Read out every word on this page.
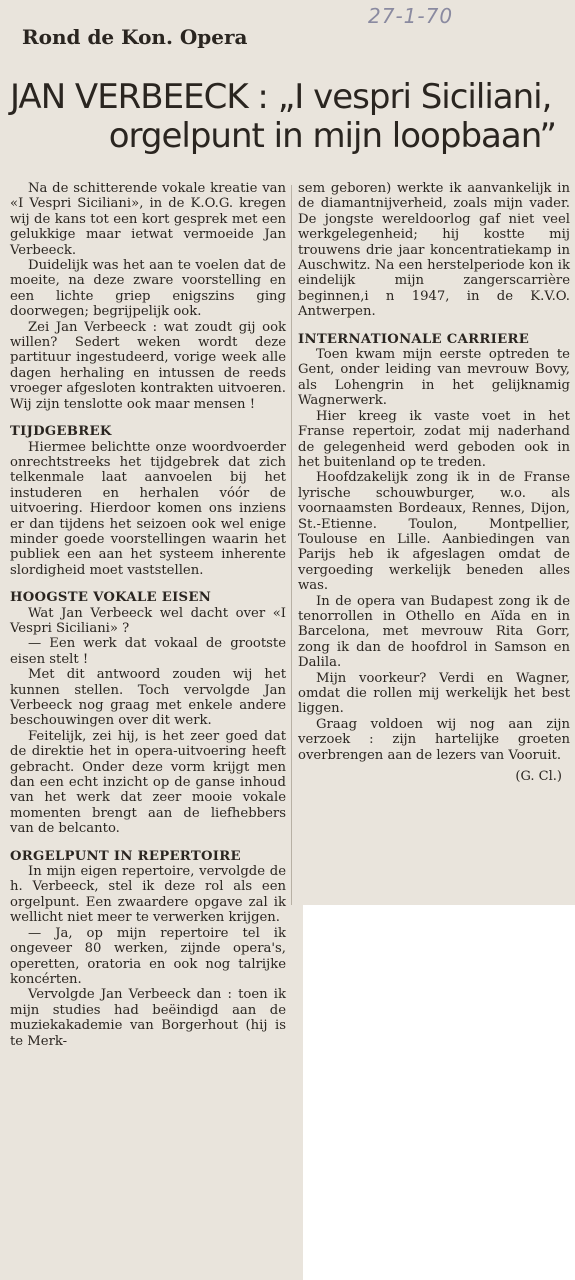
27-1-70
Rond de Kon. Opera
JAN VERBEECK : „I vespri Siciliani,
orgelpunt in mijn loopbaan”

Na de schitterende vokale kreatie van «I Vespri Siciliani», in de K.O.G. kregen wij de kans tot een kort gesprek met een gelukkige maar ietwat vermoeide Jan Verbeeck.

Duidelijk was het aan te voelen dat de moeite, na deze zware voorstelling en een lichte griep enigszins ging doorwegen; begrijpelijk ook.

Zei Jan Verbeeck : wat zoudt gij ook willen? Sedert weken wordt deze partituur ingestudeerd, vorige week alle dagen herhaling en intussen de reeds vroeger afgesloten kontrakten uitvoeren. Wij zijn tenslotte ook maar mensen !

TIJDGEBREK

Hiermee belichtte onze woordvoerder onrechtstreeks het tijdgebrek dat zich telkenmale laat aanvoelen bij het instuderen en herhalen vóór de uitvoering. Hierdoor komen ons inziens er dan tijdens het seizoen ook wel enige minder goede voorstellingen waarin het publiek een aan het systeem inherente slordigheid moet vaststellen.

HOOGSTE VOKALE EISEN

Wat Jan Verbeeck wel dacht over «I Vespri Siciliani» ?

— Een werk dat vokaal de grootste eisen stelt !

Met dit antwoord zouden wij het kunnen stellen. Toch vervolgde Jan Verbeeck nog graag met enkele andere beschouwingen over dit werk.

Feitelijk, zei hij, is het zeer goed dat de direktie het in opera-uitvoering heeft gebracht. Onder deze vorm krijgt men dan een echt inzicht op de ganse inhoud van het werk dat zeer mooie vokale momenten brengt aan de liefhebbers van de belcanto.

ORGELPUNT IN REPERTOIRE

In mijn eigen repertoire, vervolgde de h. Verbeeck, stel ik deze rol als een orgelpunt. Een zwaardere opgave zal ik wellicht niet meer te verwerken krijgen.

— Ja, op mijn repertoire tel ik ongeveer 80 werken, zijnde opera's, operetten, oratoria en ook nog talrijke koncérten.

Vervolgde Jan Verbeeck dan : toen ik mijn studies had beëindigd aan de muziekakademie van Borgerhout (hij is te Merk-

sem geboren) werkte ik aanvankelijk in de diamantnijverheid, zoals mijn vader. De jongste wereldoorlog gaf niet veel werkgelegenheid; hij kostte mij trouwens drie jaar koncentratiekamp in Auschwitz. Na een herstelperiode kon ik eindelijk mijn zangerscarrière beginnen,i n 1947, in de K.V.O. Antwerpen.

INTERNATIONALE CARRIERE

Toen kwam mijn eerste optreden te Gent, onder leiding van mevrouw Bovy, als Lohengrin in het gelijknamig Wagnerwerk.

Hier kreeg ik vaste voet in het Franse repertoir, zodat mij naderhand de gelegenheid werd geboden ook in het buitenland op te treden.

Hoofdzakelijk zong ik in de Franse lyrische schouwburger, w.o. als voornaamsten Bordeaux, Rennes, Dijon, St.-Etienne. Toulon, Montpellier, Toulouse en Lille. Aanbiedingen van Parijs heb ik afgeslagen omdat de vergoeding werkelijk beneden alles was.

In de opera van Budapest zong ik de tenorrollen in Othello en Aïda en in Barcelona, met mevrouw Rita Gorr, zong ik dan de hoofdrol in Samson en Dalila.

Mijn voorkeur? Verdi en Wagner, omdat die rollen mij werkelijk het best liggen.

Graag voldoen wij nog aan zijn verzoek : zijn hartelijke groeten overbrengen aan de lezers van Vooruit.

(G. Cl.)
